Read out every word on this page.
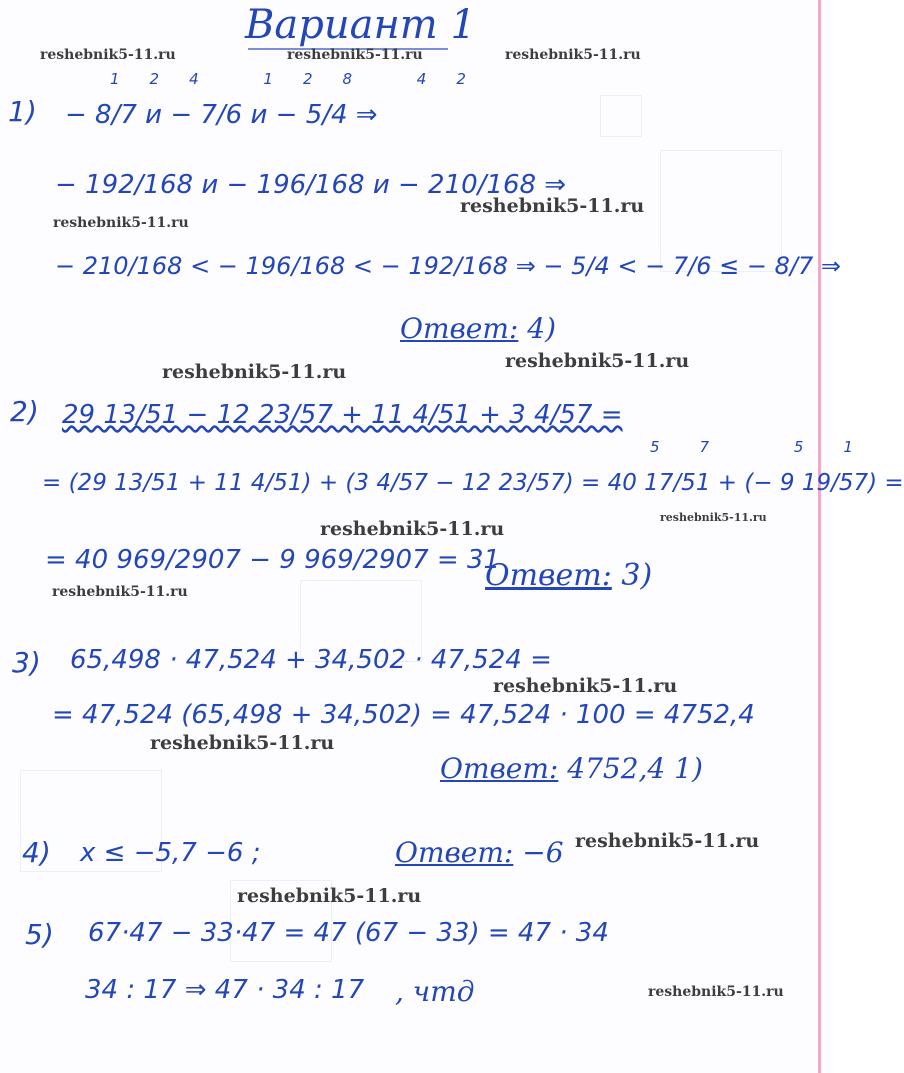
Вариант 1
reshebnik5-11.ru	reshebnik5-11.ru	reshebnik5-11.ru
reshebnik5-11.ru
reshebnik5-11.ru
reshebnik5-11.ru
reshebnik5-11.ru
reshebnik5-11.ru
reshebnik5-11.ru
reshebnik5-11.ru
reshebnik5-11.ru
reshebnik5-11.ru
reshebnik5-11.ru
reshebnik5-11.ru
reshebnik5-11.ru
1)
124 128 42
− 8/7 и − 7/6 и − 5/4 ⇒
− 192/168 и − 196/168 и − 210/168 ⇒
− 210/168 < − 196/168 < − 192/168 ⇒ − 5/4 < − 7/6 ≤ − 8/7 ⇒
Ответ: 4)
2) 29 13/51 − 12 23/57 + 11 4/51 + 3 4/57 =
57 51
= (29 13/51 + 11 4/51) + (3 4/57 − 12 23/57) = 40 17/51 + (− 9 19/57) =
= 40 969/2907 − 9 969/2907 = 31
Ответ: 3)
3) 65,498 · 47,524 + 34,502 · 47,524 =
= 47,524 (65,498 + 34,502) = 47,524 · 100 = 4752,4
Ответ: 4752,4 1)
4) x ≤ −5,7 −6 ;	Ответ: −6
5) 67·47 − 33·47 = 47 (67 − 33) = 47 · 34
34 : 17 ⇒ 47 · 34 : 17 , чтд
